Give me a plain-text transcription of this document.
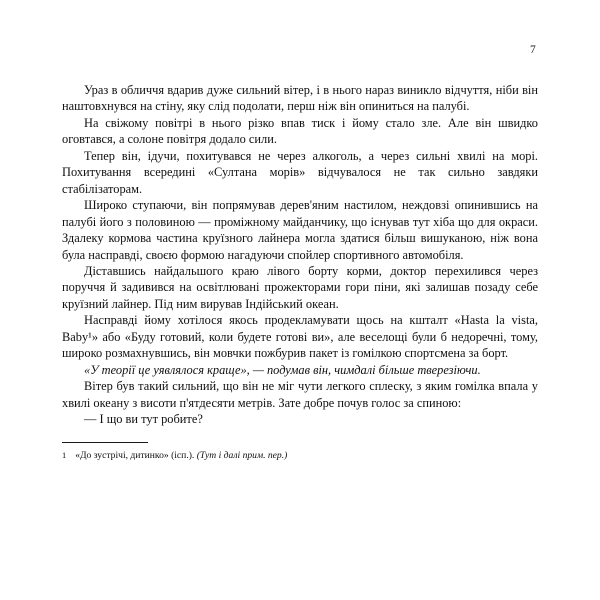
7

Ураз в обличчя вдарив дуже сильний вітер, і в нього нараз виникло відчуття, ніби він наштовхнувся на стіну, яку слід подолати, перш ніж він опиниться на палубі.

На свіжому повітрі в нього різко впав тиск і йому стало зле. Але він швидко оговтався, а солоне повітря додало сили.

Тепер він, ідучи, похитувався не через алкоголь, а через сильні хвилі на морі. Похитування всередині «Султана морів» відчувалося не так сильно завдяки стабілізаторам.

Широко ступаючи, він попрямував дерев'яним настилом, неждовзі опинившись на палубі його з половиною — проміжному майданчику, що існував тут хіба що для окраси. Здалеку кормова частина круїзного лайнера могла здатися більш вишуканою, ніж вона була насправді, своєю формою нагадуючи спойлер спортивного автомобіля.

Діставшись найдальшого краю лівого борту корми, доктор перехилився через поруччя й задивився на освітлювані прожекторами гори піни, які залишав позаду себе круїзний лайнер. Під ним вирував Індійський океан.

Насправді йому хотілося якось продекламувати щось на кшталт «Hasta la vista, Baby¹» або «Буду готовий, коли будете готові ви», але веселощі були б недоречні, тому, широко розмахнувшись, він мовчки пожбурив пакет із гомілкою спортсмена за борт.

«У теорії це уявлялося краще», — подумав він, чимдалі більше тверезіючи.

Вітер був такий сильний, що він не міг чути легкого сплеску, з яким гомілка впала у хвилі океану з висоти п'ятдесяти метрів. Зате добре почув голос за спиною:

— І що ви тут робите?

1 «До зустрічі, дитинко» (ісп.). (Тут і далі прим. пер.)
